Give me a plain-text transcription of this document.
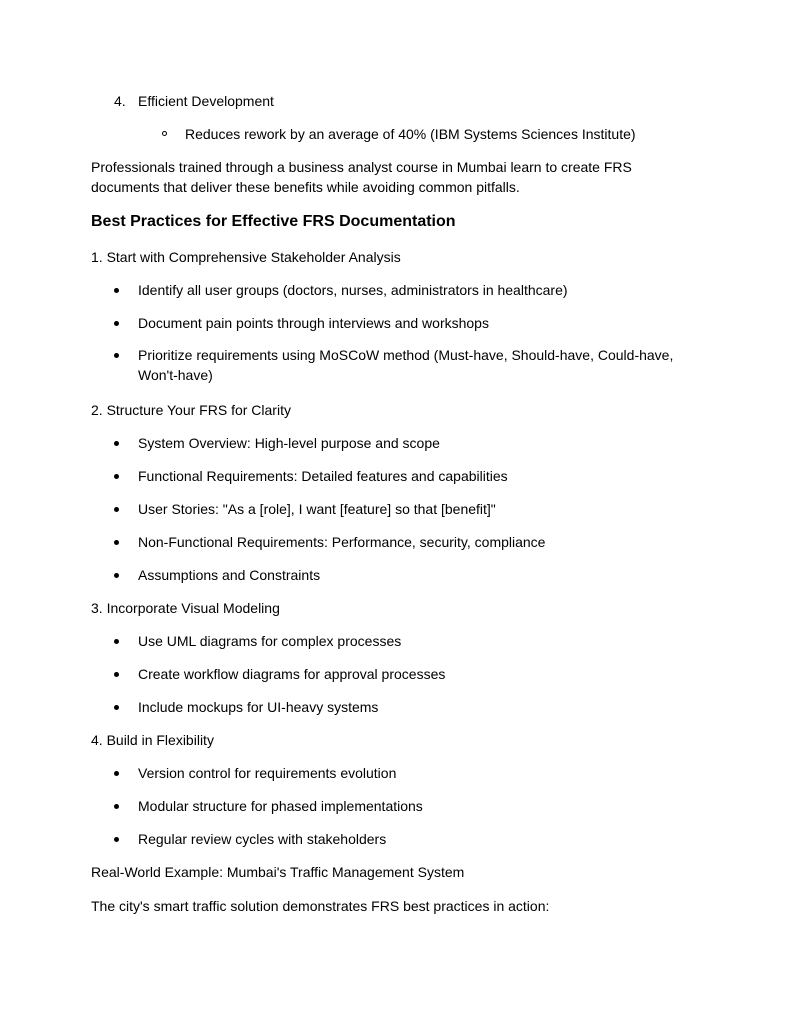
4. Efficient Development
Reduces rework by an average of 40% (IBM Systems Sciences Institute)
Professionals trained through a business analyst course in Mumbai learn to create FRS
documents that deliver these benefits while avoiding common pitfalls.
Best Practices for Effective FRS Documentation
1. Start with Comprehensive Stakeholder Analysis
Identify all user groups (doctors, nurses, administrators in healthcare)
Document pain points through interviews and workshops
Prioritize requirements using MoSCoW method (Must-have, Should-have, Could-have,
Won't-have)
2. Structure Your FRS for Clarity
System Overview: High-level purpose and scope
Functional Requirements: Detailed features and capabilities
User Stories: "As a [role], I want [feature] so that [benefit]"
Non-Functional Requirements: Performance, security, compliance
Assumptions and Constraints
3. Incorporate Visual Modeling
Use UML diagrams for complex processes
Create workflow diagrams for approval processes
Include mockups for UI-heavy systems
4. Build in Flexibility
Version control for requirements evolution
Modular structure for phased implementations
Regular review cycles with stakeholders
Real-World Example: Mumbai's Traffic Management System
The city's smart traffic solution demonstrates FRS best practices in action:
